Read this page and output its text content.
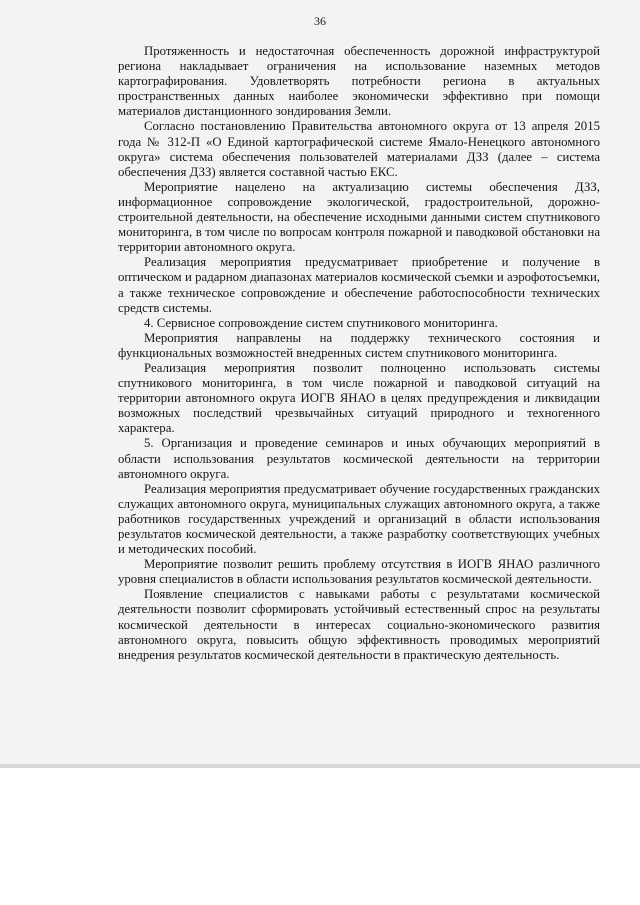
36

Протяженность и недостаточная обеспеченность дорожной инфраструктурой региона накладывает ограничения на использование наземных методов картографирования. Удовлетворять потребности региона в актуальных пространственных данных наиболее экономически эффективно при помощи материалов дистанционного зондирования Земли.

Согласно постановлению Правительства автономного округа от 13 апреля 2015 года № 312-П «О Единой картографической системе Ямало-Ненецкого автономного округа» система обеспечения пользователей материалами ДЗЗ (далее – система обеспечения ДЗЗ) является составной частью ЕКС.

Мероприятие нацелено на актуализацию системы обеспечения ДЗЗ, информационное сопровождение экологической, градостроительной, дорожно-строительной деятельности, на обеспечение исходными данными систем спутникового мониторинга, в том числе по вопросам контроля пожарной и паводковой обстановки на территории автономного округа.

Реализация мероприятия предусматривает приобретение и получение в оптическом и радарном диапазонах материалов космической съемки и аэрофотосъемки, а также техническое сопровождение и обеспечение работоспособности технических средств системы.

4. Сервисное сопровождение систем спутникового мониторинга.

Мероприятия направлены на поддержку технического состояния и функциональных возможностей внедренных систем спутникового мониторинга.

Реализация мероприятия позволит полноценно использовать системы спутникового мониторинга, в том числе пожарной и паводковой ситуаций на территории автономного округа ИОГВ ЯНАО в целях предупреждения и ликвидации возможных последствий чрезвычайных ситуаций природного и техногенного характера.

5. Организация и проведение семинаров и иных обучающих мероприятий в области использования результатов космической деятельности на территории автономного округа.

Реализация мероприятия предусматривает обучение государственных гражданских служащих автономного округа, муниципальных служащих автономного округа, а также работников государственных учреждений и организаций в области использования результатов космической деятельности, а также разработку соответствующих учебных и методических пособий.

Мероприятие позволит решить проблему отсутствия в ИОГВ ЯНАО различного уровня специалистов в области использования результатов космической деятельности.

Появление специалистов с навыками работы с результатами космической деятельности позволит сформировать устойчивый естественный спрос на результаты космической деятельности в интересах социально-экономического развития автономного округа, повысить общую эффективность проводимых мероприятий внедрения результатов космической деятельности в практическую деятельность.
